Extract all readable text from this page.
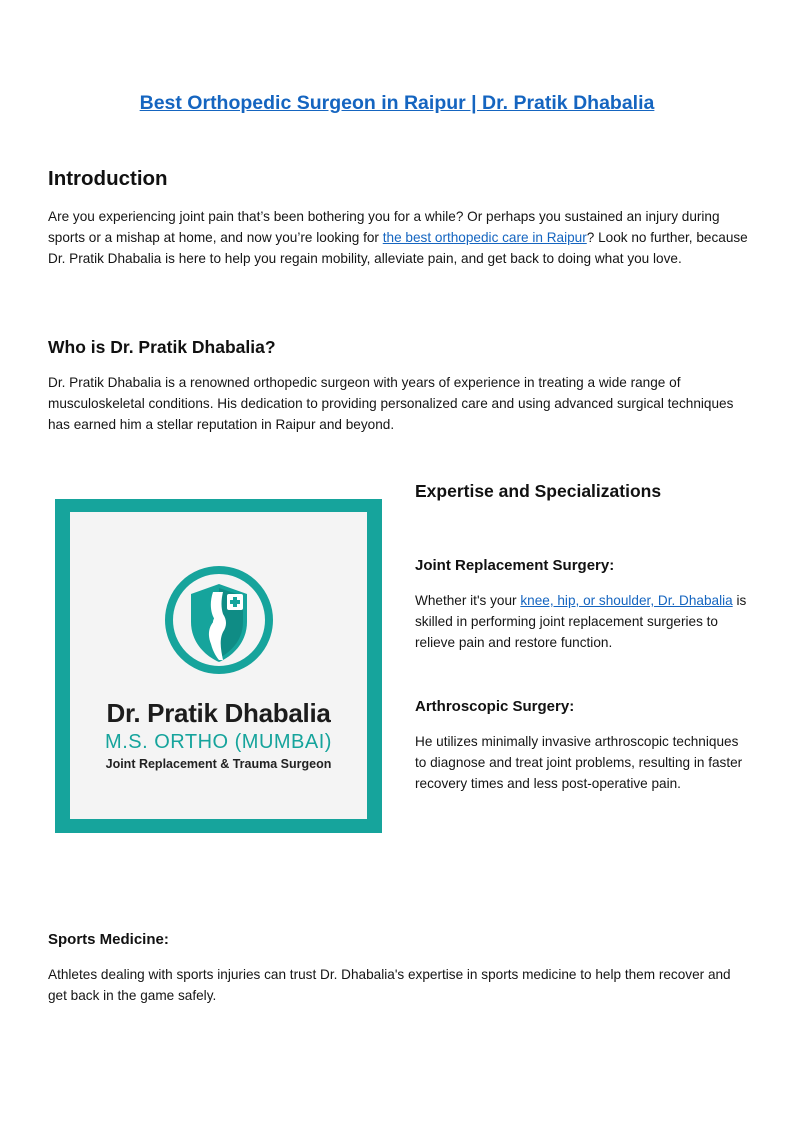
Best Orthopedic Surgeon in Raipur | Dr. Pratik Dhabalia
Introduction

Are you experiencing joint pain that’s been bothering you for a while? Or perhaps you sustained an injury during sports or a mishap at home, and now you’re looking for the best orthopedic care in Raipur? Look no further, because Dr. Pratik Dhabalia is here to help you regain mobility, alleviate pain, and get back to doing what you love.

Who is Dr. Pratik Dhabalia?

Dr. Pratik Dhabalia is a renowned orthopedic surgeon with years of experience in treating a wide range of musculoskeletal conditions. His dedication to providing personalized care and using advanced surgical techniques has earned him a stellar reputation in Raipur and beyond.

Dr. Pratik Dhabalia
M.S. ORTHO (MUMBAI)
Joint Replacement & Trauma Surgeon
Expertise and Specializations
Joint Replacement Surgery:

Whether it's your knee, hip, or shoulder, Dr. Dhabalia is skilled in performing joint replacement surgeries to relieve pain and restore function.

Arthroscopic Surgery:

He utilizes minimally invasive arthroscopic techniques to diagnose and treat joint problems, resulting in faster recovery times and less post-operative pain.

Sports Medicine:

Athletes dealing with sports injuries can trust Dr. Dhabalia's expertise in sports medicine to help them recover and get back in the game safely.
